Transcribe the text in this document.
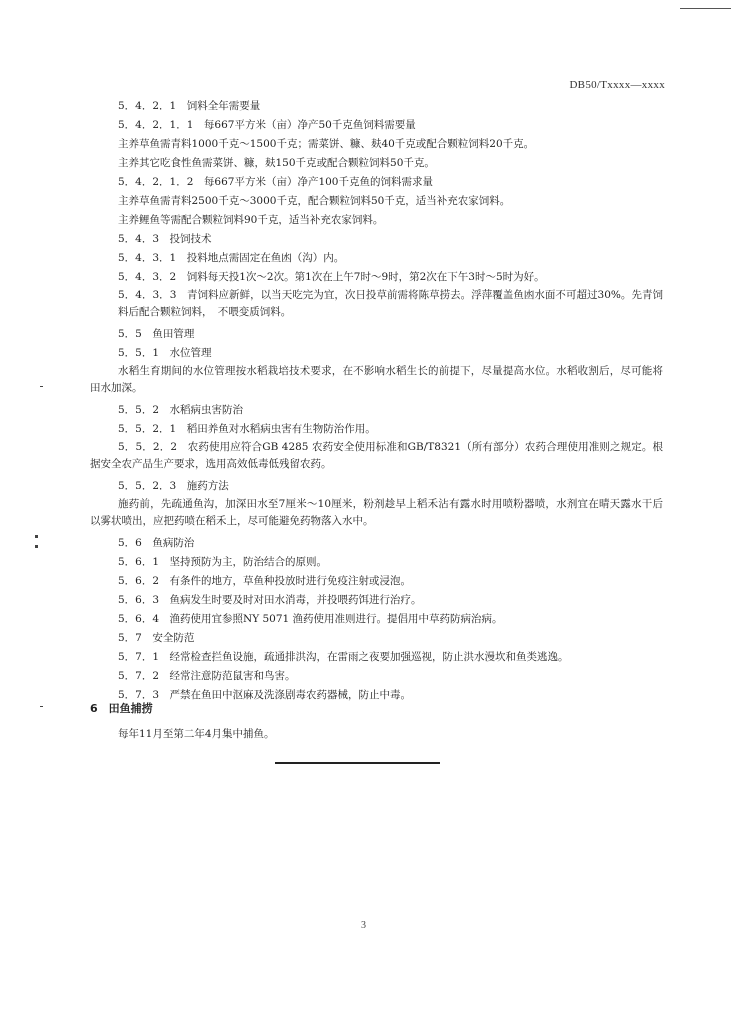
DB50/Txxxx—xxxx
5．4．2．1　饲料全年需要量
5．4．2．1．1　每667平方米（亩）净产50千克鱼饲料需要量
主养草鱼需青料1000千克～1500千克；需菜饼、糠、麸40千克或配合颗粒饲料20千克。
主养其它吃食性鱼需菜饼、糠，麸150千克或配合颗粒饲料50千克。
5．4．2．1．2　每667平方米（亩）净产100千克鱼的饲料需求量
主养草鱼需青料2500千克～3000千克，配合颗粒饲料50千克，适当补充农家饲料。
主养鲤鱼等需配合颗粒饲料90千克，适当补充农家饲料。
5．4．3　投饲技术
5．4．3．1　投料地点需固定在鱼凼（沟）内。
5．4．3．2　饲料每天投1次～2次。第1次在上午7时～9时，第2次在下午3时～5时为好。
5．4．3．3　青饲料应新鲜，以当天吃完为宜，次日投草前需将陈草捞去。浮萍覆盖鱼凼水面不可超过30%。先青饲料后配合颗粒饲料，　不喂变质饲料。
5．5　鱼田管理
5．5．1　水位管理
水稻生育期间的水位管理按水稻栽培技术要求，在不影响水稻生长的前提下，尽量提高水位。水稻收割后，尽可能将田水加深。
5．5．2　水稻病虫害防治
5．5．2．1　稻田养鱼对水稻病虫害有生物防治作用。
5．5．2．2　农药使用应符合GB 4285 农药安全使用标准和GB/T8321（所有部分）农药合理使用准则之规定。根据安全农产品生产要求，选用高效低毒低残留农药。
5．5．2．3　施药方法
施药前，先疏通鱼沟，加深田水至7厘米～10厘米，粉剂趁早上稻禾沾有露水时用喷粉器喷，水剂宜在晴天露水干后以雾状喷出，应把药喷在稻禾上，尽可能避免药物落入水中。
5．6　鱼病防治
5．6．1　坚持预防为主，防治结合的原则。
5．6．2　有条件的地方，草鱼种投放时进行免疫注射或浸泡。
5．6．3　鱼病发生时要及时对田水消毒，并投喂药饵进行治疗。
5．6．4　渔药使用宜参照NY 5071 渔药使用准则进行。提倡用中草药防病治病。
5．7　安全防范
5．7．1　经常检查拦鱼设施，疏通排洪沟，在雷雨之夜要加强巡视，防止洪水漫坎和鱼类逃逸。
5．7．2　经常注意防范鼠害和鸟害。
5．7．3　严禁在鱼田中沤麻及洗涤剧毒农药器械，防止中毒。
6　田鱼捕捞
每年11月至第二年4月集中捕鱼。
3
